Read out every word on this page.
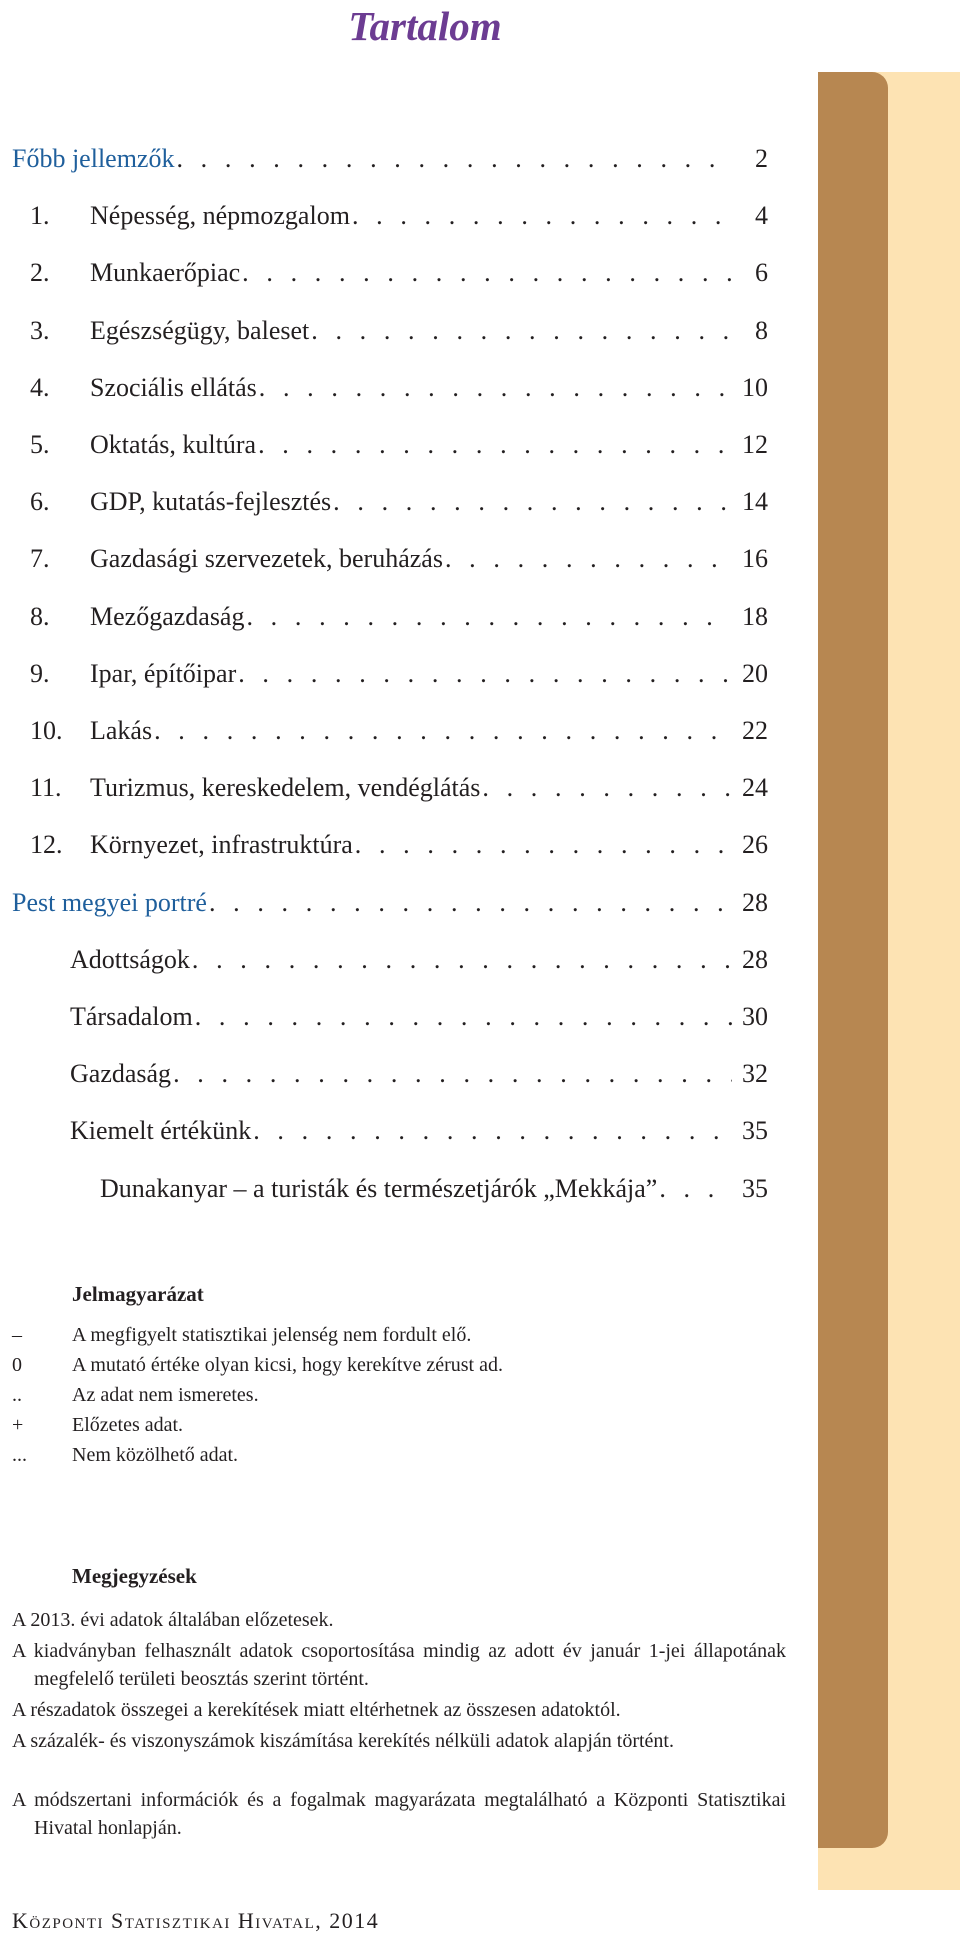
Tartalom
Főbb jellemzők . . .	2
1. Népesség, népmozgalom . . .	4
2. Munkaerőpiac . . .	6
3. Egészségügy, baleset . . .	8
4. Szociális ellátás . . .	10
5. Oktatás, kultúra . . .	12
6. GDP, kutatás-fejlesztés . . .	14
7. Gazdasági szervezetek, beruházás . . .	16
8. Mezőgazdaság . . .	18
9. Ipar, építőipar . . .	20
10. Lakás . . .	22
11. Turizmus, kereskedelem, vendéglátás . . .	24
12. Környezet, infrastruktúra . . .	26
Pest megyei portré . . .	28
Adottságok . . .	28
Társadalom . . .	30
Gazdaság . . .	32
Kiemelt értékünk . . .	35
Dunakanyar – a turisták és természetjárók „Mekkája” . . .	35

Jelmagyarázat

–	A megfigyelt statisztikai jelenség nem fordult elő.
0	A mutató értéke olyan kicsi, hogy kerekítve zérust ad.
..	Az adat nem ismeretes.
+	Előzetes adat.
...	Nem közölhető adat.

Megjegyzések

A 2013. évi adatok általában előzetesek.

A kiadványban felhasznált adatok csoportosítása mindig az adott év január 1-jei állapotának megfelelő területi beosztás szerint történt.

A részadatok összegei a kerekítések miatt eltérhetnek az összesen adatoktól.

A százalék- és viszonyszámok kiszámítása kerekítés nélküli adatok alapján történt.

A módszertani információk és a fogalmak magyarázata megtalálható a Központi Statisztikai Hivatal honlapján.

Központi Statisztikai Hivatal, 2014
